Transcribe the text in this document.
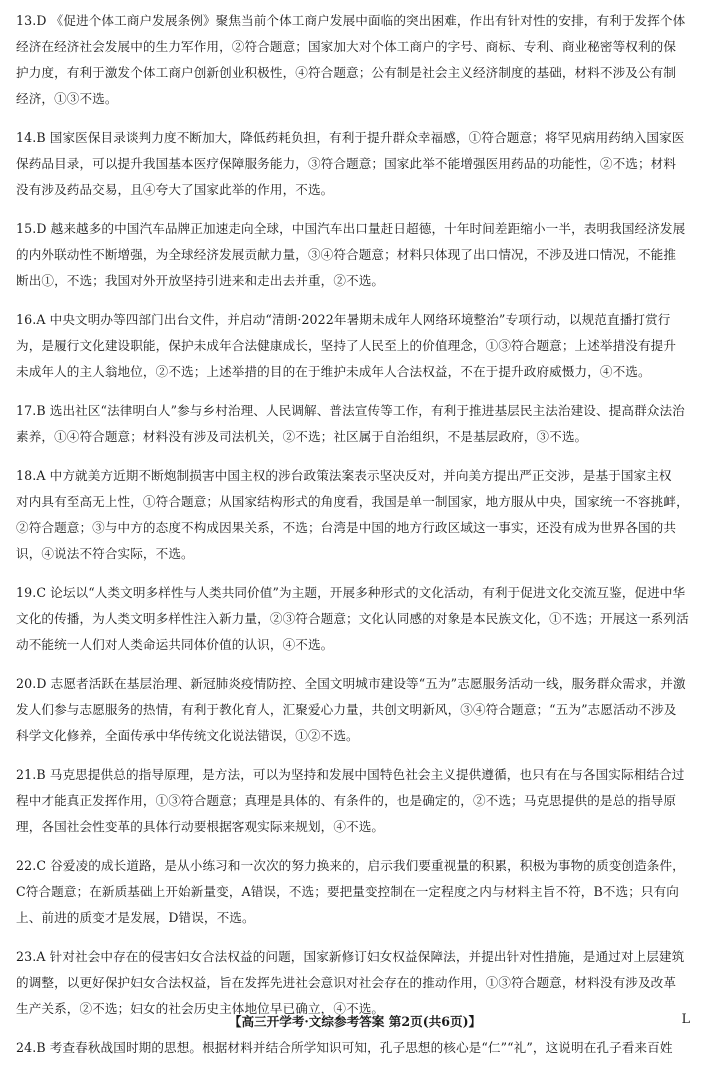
13.D 《促进个体工商户发展条例》聚焦当前个体工商户发展中面临的突出困难，作出有针对性的安排，有利于发挥个体
经济在经济社会发展中的生力军作用，②符合题意；国家加大对个体工商户的字号、商标、专利、商业秘密等权利的保
护力度，有利于激发个体工商户创新创业积极性，④符合题意；公有制是社会主义经济制度的基础，材料不涉及公有制
经济，①③不选。
14.B 国家医保目录谈判力度不断加大，降低药耗负担，有利于提升群众幸福感，①符合题意；将罕见病用药纳入国家医
保药品目录，可以提升我国基本医疗保障服务能力，③符合题意；国家此举不能增强医用药品的功能性，②不选；材料
没有涉及药品交易，且④夸大了国家此举的作用，不选。
15.D 越来越多的中国汽车品牌正加速走向全球，中国汽车出口量赶日超德，十年时间差距缩小一半，表明我国经济发展
的内外联动性不断增强，为全球经济发展贡献力量，③④符合题意；材料只体现了出口情况，不涉及进口情况，不能推
断出①，不选；我国对外开放坚持引进来和走出去并重，②不选。
16.A 中央文明办等四部门出台文件，并启动“清朗·2022年暑期未成年人网络环境整治”专项行动，以规范直播打赏行
为，是履行文化建设职能，保护未成年合法健康成长，坚持了人民至上的价值理念，①③符合题意；上述举措没有提升
未成年人的主人翁地位，②不选；上述举措的目的在于维护未成年人合法权益，不在于提升政府威慑力，④不选。
17.B 选出社区“法律明白人”参与乡村治理、人民调解、普法宣传等工作，有利于推进基层民主法治建设、提高群众法治
素养，①④符合题意；材料没有涉及司法机关，②不选；社区属于自治组织，不是基层政府，③不选。
18.A 中方就美方近期不断炮制损害中国主权的涉台政策法案表示坚决反对，并向美方提出严正交涉，是基于国家主权
对内具有至高无上性，①符合题意；从国家结构形式的角度看，我国是单一制国家，地方服从中央，国家统一不容挑衅，
②符合题意；③与中方的态度不构成因果关系，不选；台湾是中国的地方行政区域这一事实，还没有成为世界各国的共
识，④说法不符合实际，不选。
19.C 论坛以“人类文明多样性与人类共同价值”为主题，开展多种形式的文化活动，有利于促进文化交流互鉴，促进中华
文化的传播，为人类文明多样性注入新力量，②③符合题意；文化认同感的对象是本民族文化，①不选；开展这一系列活
动不能统一人们对人类命运共同体价值的认识，④不选。
20.D 志愿者活跃在基层治理、新冠肺炎疫情防控、全国文明城市建设等“五为”志愿服务活动一线，服务群众需求，并激
发人们参与志愿服务的热情，有利于教化育人，汇聚爱心力量，共创文明新风，③④符合题意；“五为”志愿活动不涉及
科学文化修养，全面传承中华传统文化说法错误，①②不选。
21.B 马克思提供总的指导原理，是方法，可以为坚持和发展中国特色社会主义提供遵循，也只有在与各国实际相结合过
程中才能真正发挥作用，①③符合题意；真理是具体的、有条件的，也是确定的，②不选；马克思提供的是总的指导原
理，各国社会性变革的具体行动要根据客观实际来规划，④不选。
22.C 谷爱凌的成长道路，是从小练习和一次次的努力换来的，启示我们要重视量的积累，积极为事物的质变创造条件，
C符合题意；在新质基础上开始新量变，A错误，不选；要把量变控制在一定程度之内与材料主旨不符，B不选；只有向
上、前进的质变才是发展，D错误，不选。
23.A 针对社会中存在的侵害妇女合法权益的问题，国家新修订妇女权益保障法，并提出针对性措施，是通过对上层建筑
的调整，以更好保护妇女合法权益，旨在发挥先进社会意识对社会存在的推动作用，①③符合题意，材料没有涉及改革
生产关系，②不选；妇女的社会历史主体地位早已确立，④不选。
24.B 考查春秋战国时期的思想。根据材料并结合所学知识可知，孔子思想的核心是“仁”“礼”，这说明在孔子看来百姓
【高三开学考·文综参考答案 第2页(共6页)】	L
